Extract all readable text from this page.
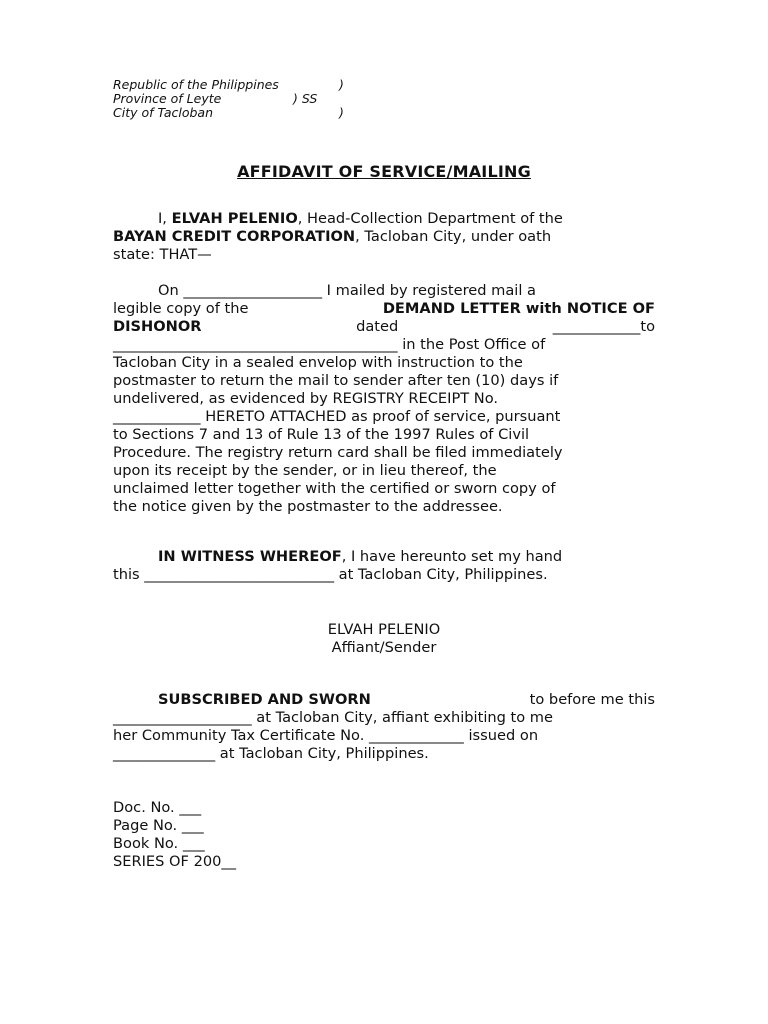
Republic of the Philippines	)
Province of Leyte	) SS
City of Tacloban	)
AFFIDAVIT OF SERVICE/MAILING
I, ELVAH PELENIO, Head-Collection Department of the
BAYAN CREDIT CORPORATION , Tacloban City, under oath
state: THAT—
On ___________________ I mailed by registered mail a
legible copy of the	DEMAND LETTER with NOTICE OF
DISHONOR	dated	____________to
_______________________________________ in the Post Office of
Tacloban City in a sealed envelop with instruction to the
postmaster to return the mail to sender after ten (10) days if
undelivered, as evidenced by REGISTRY RECEIPT No.
____________ HERETO ATTACHED as proof of service, pursuant
to Sections 7 and 13 of Rule 13 of the 1997 Rules of Civil
Procedure. The registry return card shall be filed immediately
upon its receipt by the sender, or in lieu thereof, the
unclaimed letter together with the certified or sworn copy of
the notice given by the postmaster to the addressee.
IN WITNESS WHEREOF, I have hereunto set my hand
this __________________________ at Tacloban City, Philippines.
ELVAH PELENIO
Affiant/Sender
SUBSCRIBED AND SWORN	to before me this
___________________ at Tacloban City, affiant exhibiting to me
her Community Tax Certificate No. _____________ issued on
______________ at Tacloban City, Philippines.
Doc. No. ___
Page No. ___
Book No. ___
SERIES OF 200__
